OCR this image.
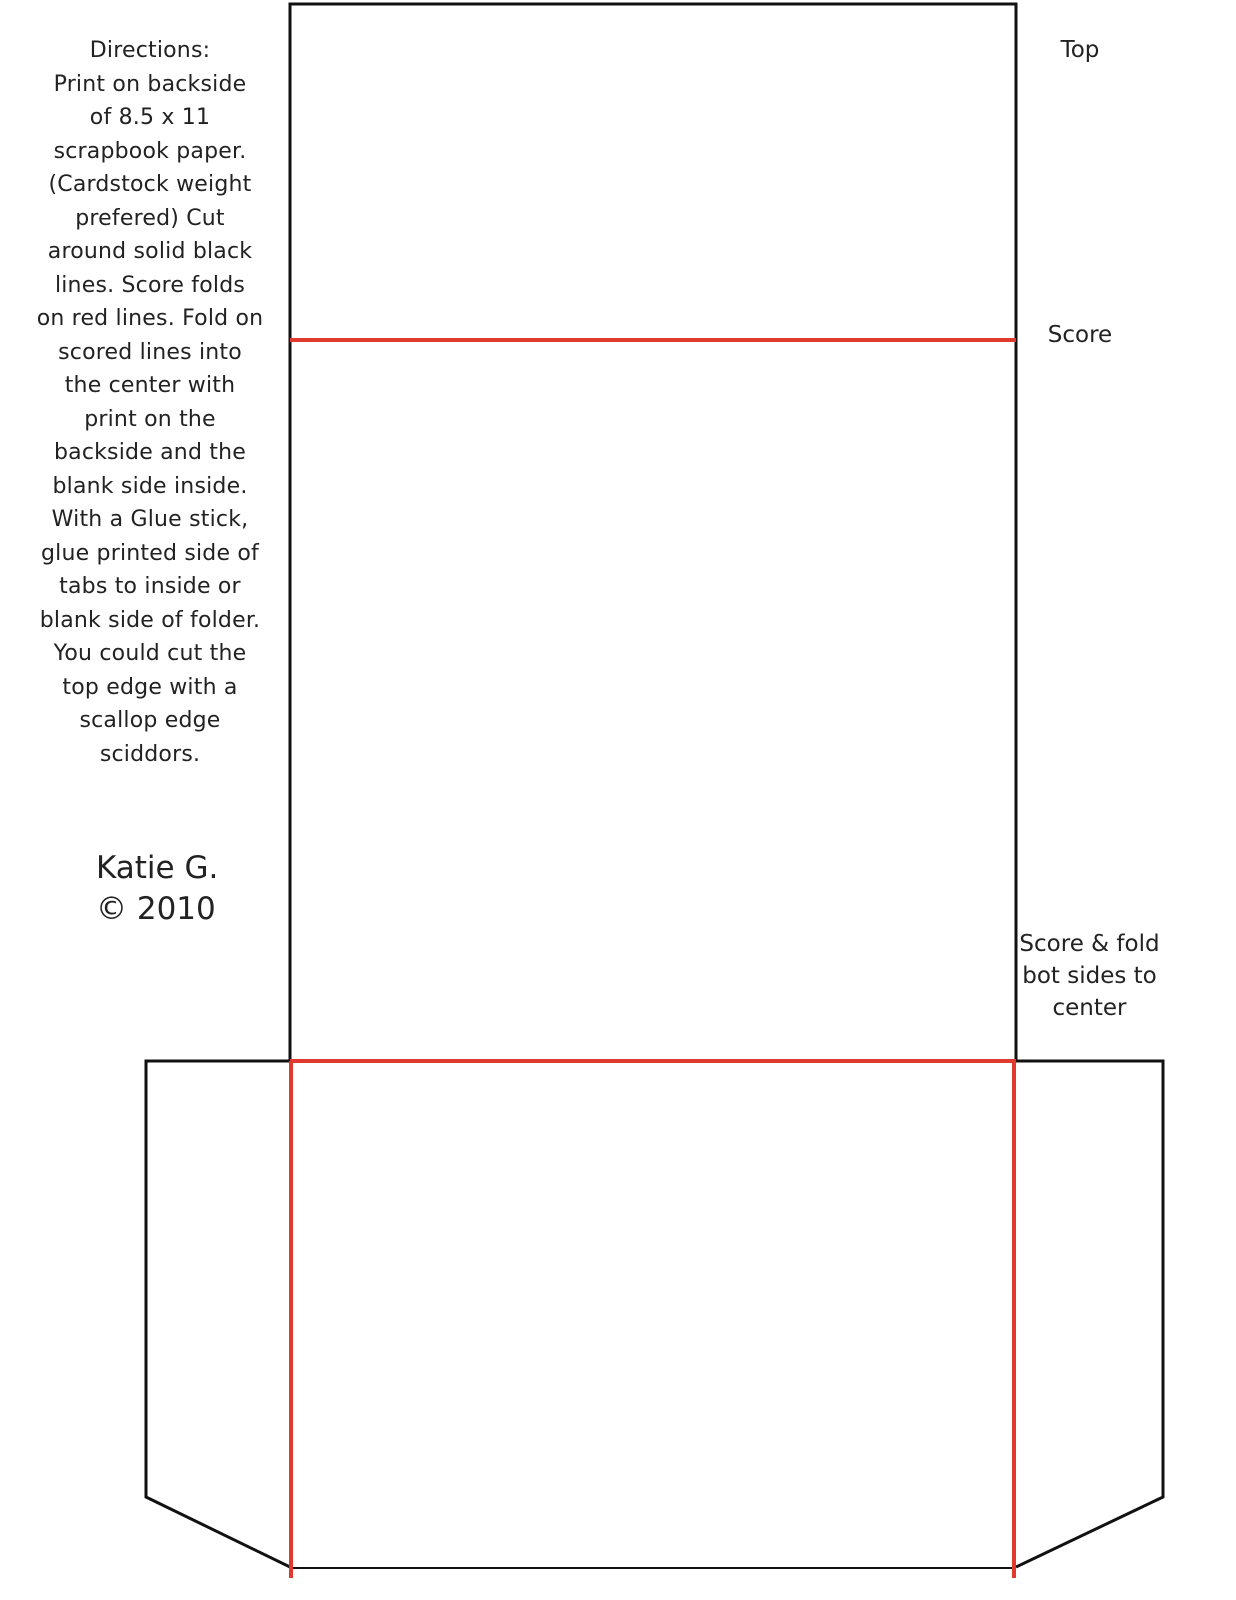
Directions:
Print on backside
of 8.5 x 11
scrapbook paper.
(Cardstock weight
prefered) Cut
around solid black
lines. Score folds
on red lines. Fold on
scored lines into
the center with
print on the
backside and the
blank side inside.
With a Glue stick,
glue printed side of
tabs to inside or
blank side of folder.
You could cut the
top edge with a
scallop edge
sciddors.
Katie G.
© 2010
Top
Score
Score & fold
bot sides to
center
